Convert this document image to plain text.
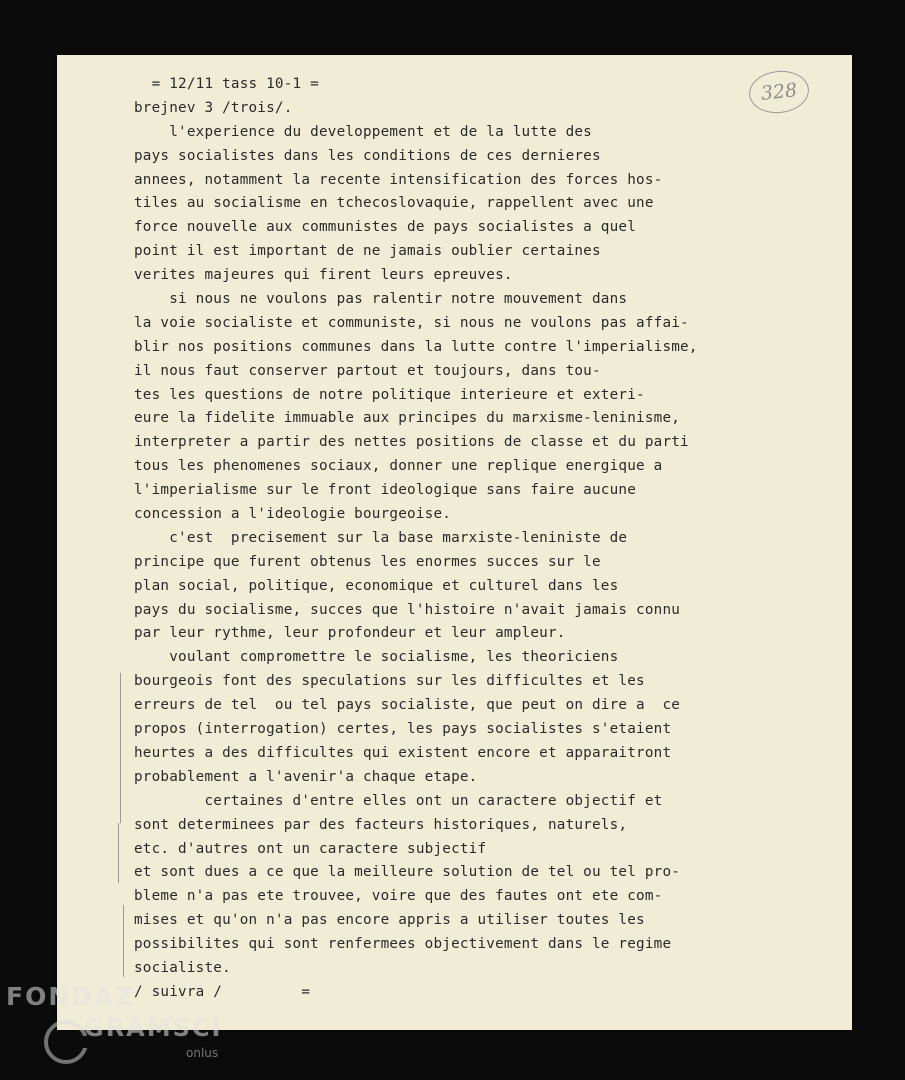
328
= 12/11 tass 10-1 =
brejnev 3 /trois/.
l'experience du developpement et de la lutte des
pays socialistes dans les conditions de ces dernieres
annees, notamment la recente intensification des forces hos-
tiles au socialisme en tchecoslovaquie, rappellent avec une
force nouvelle aux communistes de pays socialistes a quel
point il est important de ne jamais oublier certaines
verites majeures qui firent leurs epreuves.
si nous ne voulons pas ralentir notre mouvement dans
la voie socialiste et communiste, si nous ne voulons pas affai-
blir nos positions communes dans la lutte contre l'imperialisme,
il nous faut conserver partout et toujours, dans tou-
tes les questions de notre politique interieure et exteri-
eure la fidelite immuable aux principes du marxisme-leninisme,
interpreter a partir des nettes positions de classe et du parti
tous les phenomenes sociaux, donner une replique energique a
l'imperialisme sur le front ideologique sans faire aucune
concession a l'ideologie bourgeoise.
c'est  precisement sur la base marxiste-leniniste de
principe que furent obtenus les enormes succes sur le
plan social, politique, economique et culturel dans les
pays du socialisme, succes que l'histoire n'avait jamais connu
par leur rythme, leur profondeur et leur ampleur.
voulant compromettre le socialisme, les theoriciens
bourgeois font des speculations sur les difficultes et les
erreurs de tel  ou tel pays socialiste, que peut on dire a  ce
propos (interrogation) certes, les pays socialistes s'etaient
heurtes a des difficultes qui existent encore et apparaitront
probablement a l'avenir'a chaque etape.
certaines d'entre elles ont un caractere objectif et
sont determinees par des facteurs historiques, naturels,
etc. d'autres ont un caractere subjectif
et sont dues a ce que la meilleure solution de tel ou tel pro-
bleme n'a pas ete trouvee, voire que des fautes ont ete com-
mises et qu'on n'a pas encore appris a utiliser toutes les
possibilites qui sont renfermees objectivement dans le regime
socialiste.
/ suivra /         =
FONDAZ
GRAMSCI
onlus
